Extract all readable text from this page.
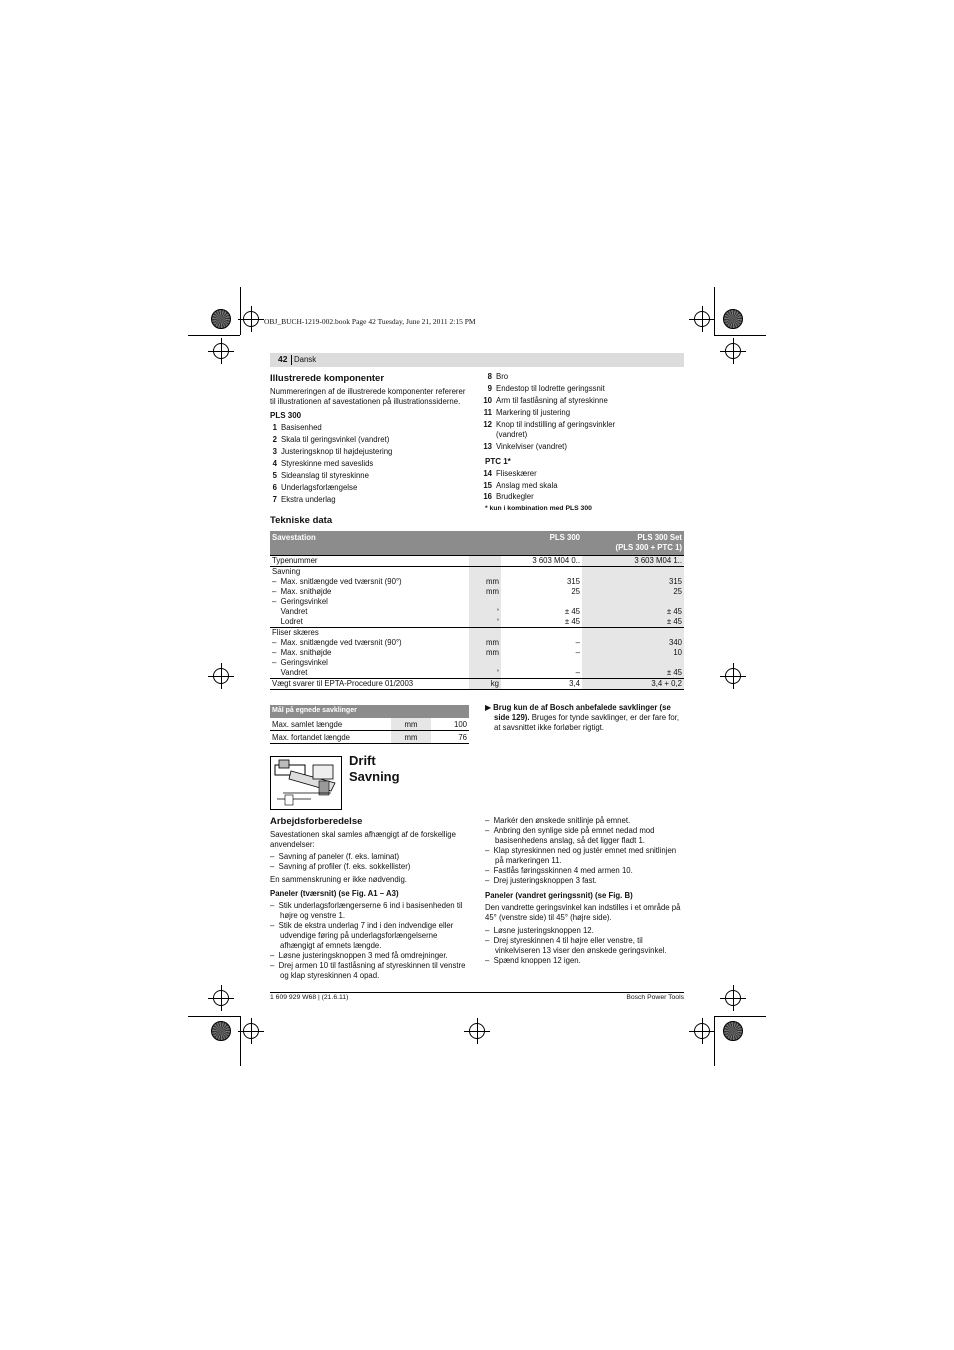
OBJ_BUCH-1219-002.book Page 42 Tuesday, June 21, 2011 2:15 PM
42 Dansk
Illustrerede komponenter
Nummereringen af de illustrerede komponenter refererer til illustrationen af savestationen på illustrationssiderne.
PLS 300
1 Basisenhed
2 Skala til geringsvinkel (vandret)
3 Justeringsknop til højdejustering
4 Styreskinne med saveslids
5 Sideanslag til styreskinne
6 Underlagsforlængelse
7 Ekstra underlag
8 Bro
9 Endestop til lodrette geringssnit
10 Arm til fastlåsning af styreskinne
11 Markering til justering
12 Knop til indstilling af geringsvinkler
(vandret)
13 Vinkelviser (vandret)
PTC 1*
14 Fliseskærer
15 Anslag med skala
16 Brudkegler
* kun i kombination med PLS 300
Tekniske data
Savestation		PLS 300	PLS 300 Set
(PLS 300 + PTC 1)

Typenummer		3 603 M04 0..	3 603 M04 1..
Savning			
–  Max. snitlængde ved tværsnit (90°)	mm	315	315
–  Max. snithøjde	mm	25	25
–  Geringsvinkel			
Vandret	°	± 45	± 45
Lodret	°	± 45	± 45
Fliser skæres			
–  Max. snitlængde ved tværsnit (90°)	mm	–	340
–  Max. snithøjde	mm	–	10
–  Geringsvinkel			
Vandret	°	–	± 45
Vægt svarer til EPTA-Procedure 01/2003	kg	3,4	3,4 + 0,2
Mål på egnede savklinger		
Max. samlet længde	mm	100
Max. fortandet længde	mm	76

▶ Brug kun de af Bosch anbefalede savklinger (se side 129). Bruges for tynde savklinger, er der fare for, at savsnittet ikke forløber rigtigt.

Drift
Savning
Arbejdsforberedelse

Savestationen skal samles afhængigt af de forskellige anvendelser:

–  Savning af paneler (f. eks. laminat)

–  Savning af profiler (f. eks. sokkellister)

En sammenskruning er ikke nødvendig.

Paneler (tværsnit) (se Fig. A1 – A3)

–  Stik underlagsforlængerserne 6 ind i basisenheden til højre og venstre 1.

–  Stik de ekstra underlag 7 ind i den indvendige eller udvendige føring på underlagsforlængelserne afhængigt af emnets længde.

–  Løsne justeringsknoppen 3 med få omdrejninger.

–  Drej armen 10 til fastlåsning af styreskinnen til venstre og klap styreskinnen 4 opad.

–  Markér den ønskede snitlinje på emnet.

–  Anbring den synlige side på emnet nedad mod basisenhedens anslag, så det ligger fladt 1.

–  Klap styreskinnen ned og justér emnet med snitlinjen på markeringen 11.

–  Fastlås føringsskinnen 4 med armen 10.

–  Drej justeringsknoppen 3 fast.

Paneler (vandret geringssnit) (se Fig. B)

Den vandrette geringsvinkel kan indstilles i et område på 45° (venstre side) til 45° (højre side).

–  Løsne justeringsknoppen 12.

–  Drej styreskinnen 4 til højre eller venstre, til vinkelviseren 13 viser den ønskede geringsvinkel.

–  Spænd knoppen 12 igen.

1 609 929 W68 | (21.6.11)	Bosch Power Tools
